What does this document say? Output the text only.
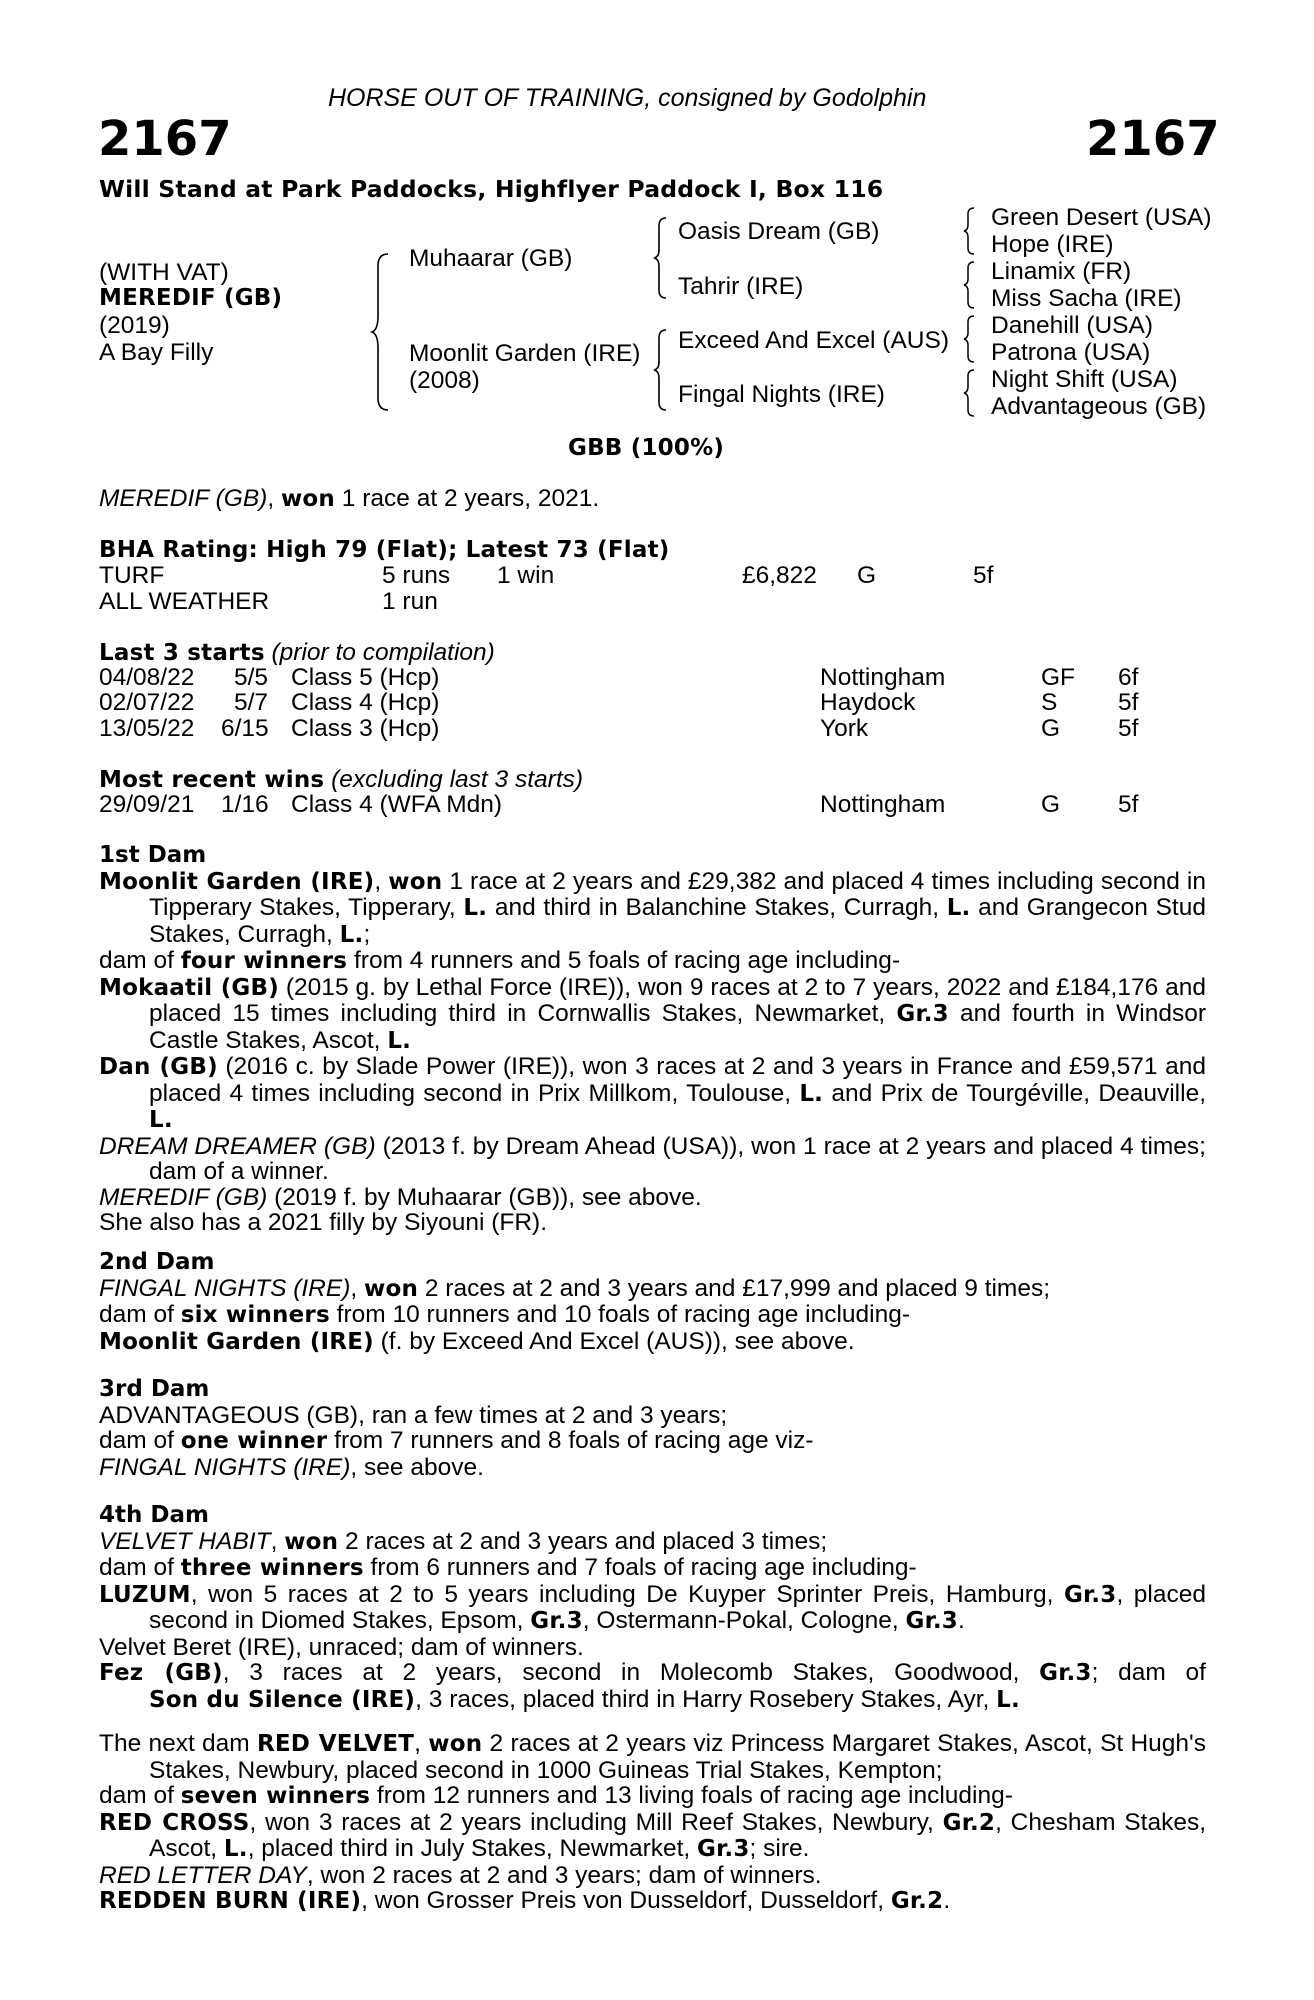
HORSE OUT OF TRAINING, consigned by Godolphin
2167	2167
Will Stand at Park Paddocks, Highflyer Paddock I, Box 116
(WITH VAT)
MEREDIF (GB)
(2019)
A Bay Filly
Muhaarar (GB)
Moonlit Garden (IRE)
(2008)
Oasis Dream (GB)
Tahrir (IRE)
Exceed And Excel (AUS)
Fingal Nights (IRE)
Green Desert (USA)
Hope (IRE)
Linamix (FR)
Miss Sacha (IRE)
Danehill (USA)
Patrona (USA)
Night Shift (USA)
Advantageous (GB)
GBB (100%)
MEREDIF (GB), won 1 race at 2 years, 2021.
BHA Rating: High 79 (Flat); Latest 73 (Flat)
TURF	5 runs 1 win	£6,822 G	5f
ALL WEATHER	1 run
Last 3 starts (prior to compilation)
04/08/22 5/5 Class 5 (Hcp)	Nottingham	GF 6f
02/07/22 5/7 Class 4 (Hcp)	Haydock	S 5f
13/05/22 6/15 Class 3 (Hcp)	York	G 5f
Most recent wins (excluding last 3 starts)
29/09/21 1/16 Class 4 (WFA Mdn)	Nottingham	G 5f
1st Dam
Moonlit Garden (IRE), won 1 race at 2 years and £29,382 and placed 4 times including second in Tipperary Stakes, Tipperary, L. and third in Balanchine Stakes, Curragh, L. and Grangecon Stud Stakes, Curragh, L.;
dam of four winners from 4 runners and 5 foals of racing age including-
Mokaatil (GB) (2015 g. by Lethal Force (IRE)), won 9 races at 2 to 7 years, 2022 and £184,176 and placed 15 times including third in Cornwallis Stakes, Newmarket, Gr.3 and fourth in Windsor Castle Stakes, Ascot, L.
Dan (GB) (2016 c. by Slade Power (IRE)), won 3 races at 2 and 3 years in France and £59,571 and placed 4 times including second in Prix Millkom, Toulouse, L. and Prix de Tourgéville, Deauville, L.
DREAM DREAMER (GB) (2013 f. by Dream Ahead (USA)), won 1 race at 2 years and placed 4 times; dam of a winner.
MEREDIF (GB) (2019 f. by Muhaarar (GB)), see above.
She also has a 2021 filly by Siyouni (FR).
2nd Dam
FINGAL NIGHTS (IRE), won 2 races at 2 and 3 years and £17,999 and placed 9 times;
dam of six winners from 10 runners and 10 foals of racing age including-
Moonlit Garden (IRE) (f. by Exceed And Excel (AUS)), see above.
3rd Dam
ADVANTAGEOUS (GB), ran a few times at 2 and 3 years;
dam of one winner from 7 runners and 8 foals of racing age viz-
FINGAL NIGHTS (IRE), see above.
4th Dam
VELVET HABIT, won 2 races at 2 and 3 years and placed 3 times;
dam of three winners from 6 runners and 7 foals of racing age including-
LUZUM, won 5 races at 2 to 5 years including De Kuyper Sprinter Preis, Hamburg, Gr.3, placed second in Diomed Stakes, Epsom, Gr.3, Ostermann-Pokal, Cologne, Gr.3.
Velvet Beret (IRE), unraced; dam of winners.
Fez (GB), 3 races at 2 years, second in Molecomb Stakes, Goodwood, Gr.3; dam of
Son du Silence (IRE), 3 races, placed third in Harry Rosebery Stakes, Ayr, L.
The next dam RED VELVET, won 2 races at 2 years viz Princess Margaret Stakes, Ascot, St Hugh's Stakes, Newbury, placed second in 1000 Guineas Trial Stakes, Kempton;
dam of seven winners from 12 runners and 13 living foals of racing age including-
RED CROSS, won 3 races at 2 years including Mill Reef Stakes, Newbury, Gr.2, Chesham Stakes, Ascot, L., placed third in July Stakes, Newmarket, Gr.3; sire.
RED LETTER DAY, won 2 races at 2 and 3 years; dam of winners.
REDDEN BURN (IRE), won Grosser Preis von Dusseldorf, Dusseldorf, Gr.2.
